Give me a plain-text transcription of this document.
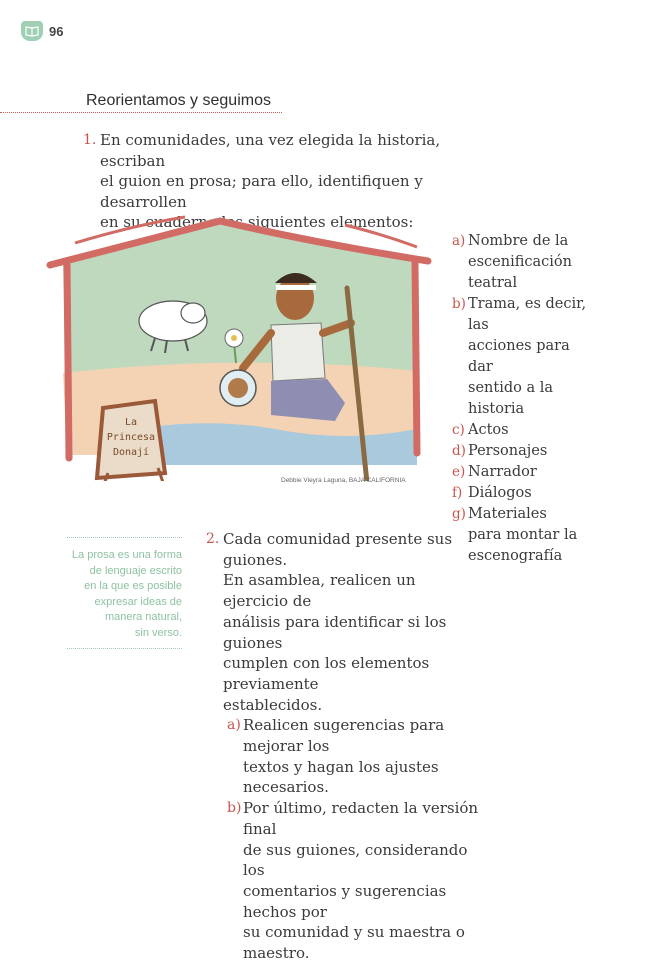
96
Reorientamos y seguimos
1. En comunidades, una vez elegida la historia, escriban
el guion en prosa; para ello, identifiquen y desarrollen
en su cuaderno los siguientes elementos:
La
Princesa
Donají
Debbie Vieyra Laguna, BAJA CALIFORNIA
a) Nombre de la
escenificación
teatral
b) Trama, es decir, las
acciones para dar
sentido a la historia
c) Actos
d) Personajes
e) Narrador
f) Diálogos
g) Materiales
para montar la
escenografía
La prosa es una forma
de lenguaje escrito
en la que es posible
expresar ideas de
manera natural,
sin verso.
2. Cada comunidad presente sus guiones.
En asamblea, realicen un ejercicio de
análisis para identificar si los guiones
cumplen con los elementos previamente
establecidos.
a) Realicen sugerencias para mejorar los
textos y hagan los ajustes necesarios.
b) Por último, redacten la versión final
de sus guiones, considerando los
comentarios y sugerencias hechos por
su comunidad y su maestra o maestro.
